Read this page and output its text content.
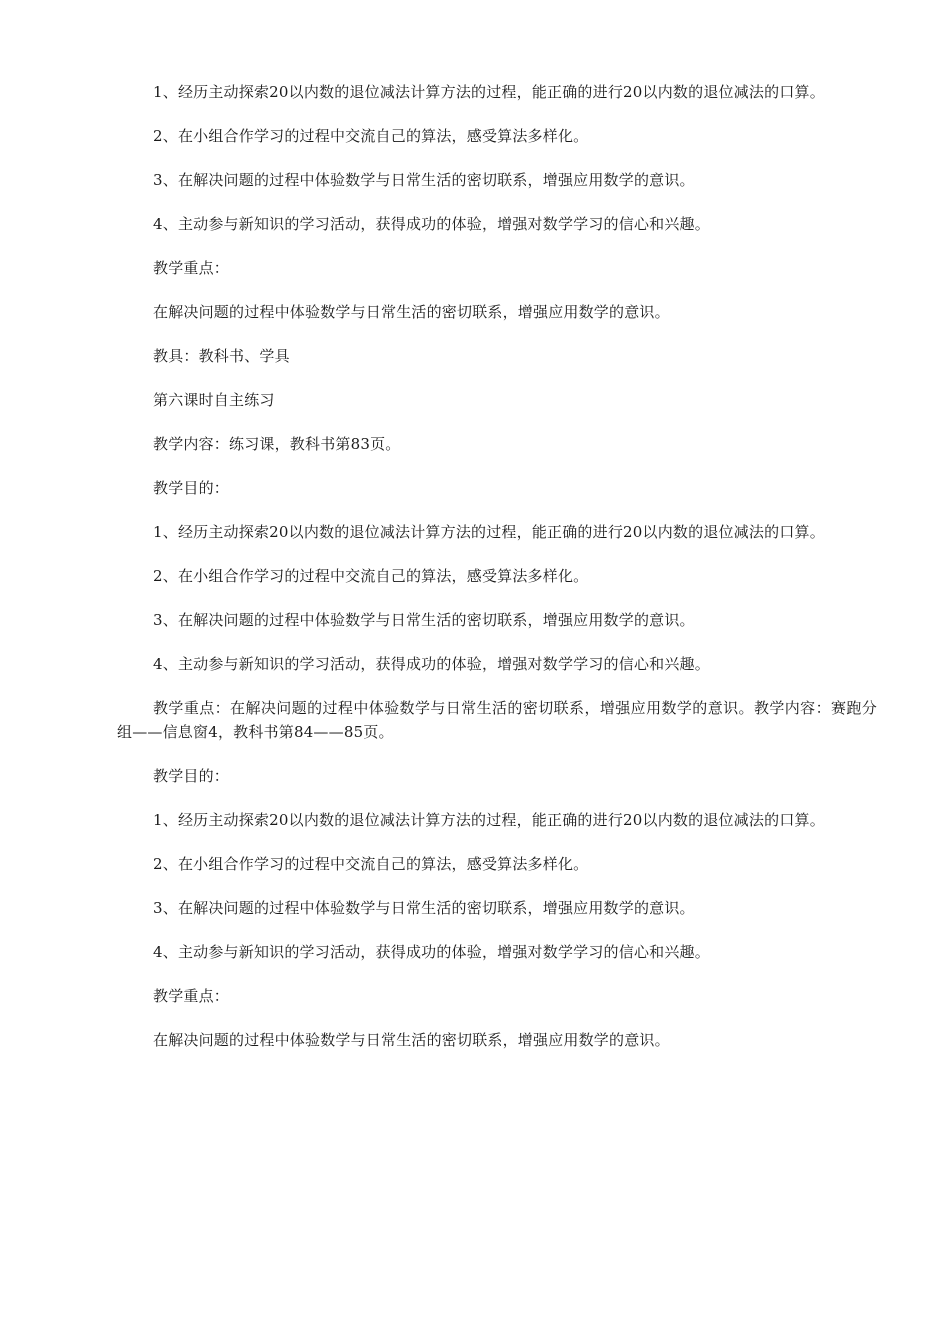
1、经历主动探索20以内数的退位减法计算方法的过程，能正确的进行20以内数的退位减法的口算。

2、在小组合作学习的过程中交流自己的算法，感受算法多样化。

3、在解决问题的过程中体验数学与日常生活的密切联系，增强应用数学的意识。

4、主动参与新知识的学习活动，获得成功的体验，增强对数学学习的信心和兴趣。

教学重点：

在解决问题的过程中体验数学与日常生活的密切联系，增强应用数学的意识。

教具：教科书、学具

第六课时自主练习

教学内容：练习课，教科书第83页。

教学目的：

1、经历主动探索20以内数的退位减法计算方法的过程，能正确的进行20以内数的退位减法的口算。

2、在小组合作学习的过程中交流自己的算法，感受算法多样化。

3、在解决问题的过程中体验数学与日常生活的密切联系，增强应用数学的意识。

4、主动参与新知识的学习活动，获得成功的体验，增强对数学学习的信心和兴趣。

教学重点：在解决问题的过程中体验数学与日常生活的密切联系，增强应用数学的意识。教学内容：赛跑分组——信息窗4，教科书第84——85页。

教学目的：

1、经历主动探索20以内数的退位减法计算方法的过程，能正确的进行20以内数的退位减法的口算。

2、在小组合作学习的过程中交流自己的算法，感受算法多样化。

3、在解决问题的过程中体验数学与日常生活的密切联系，增强应用数学的意识。

4、主动参与新知识的学习活动，获得成功的体验，增强对数学学习的信心和兴趣。

教学重点：

在解决问题的过程中体验数学与日常生活的密切联系，增强应用数学的意识。
